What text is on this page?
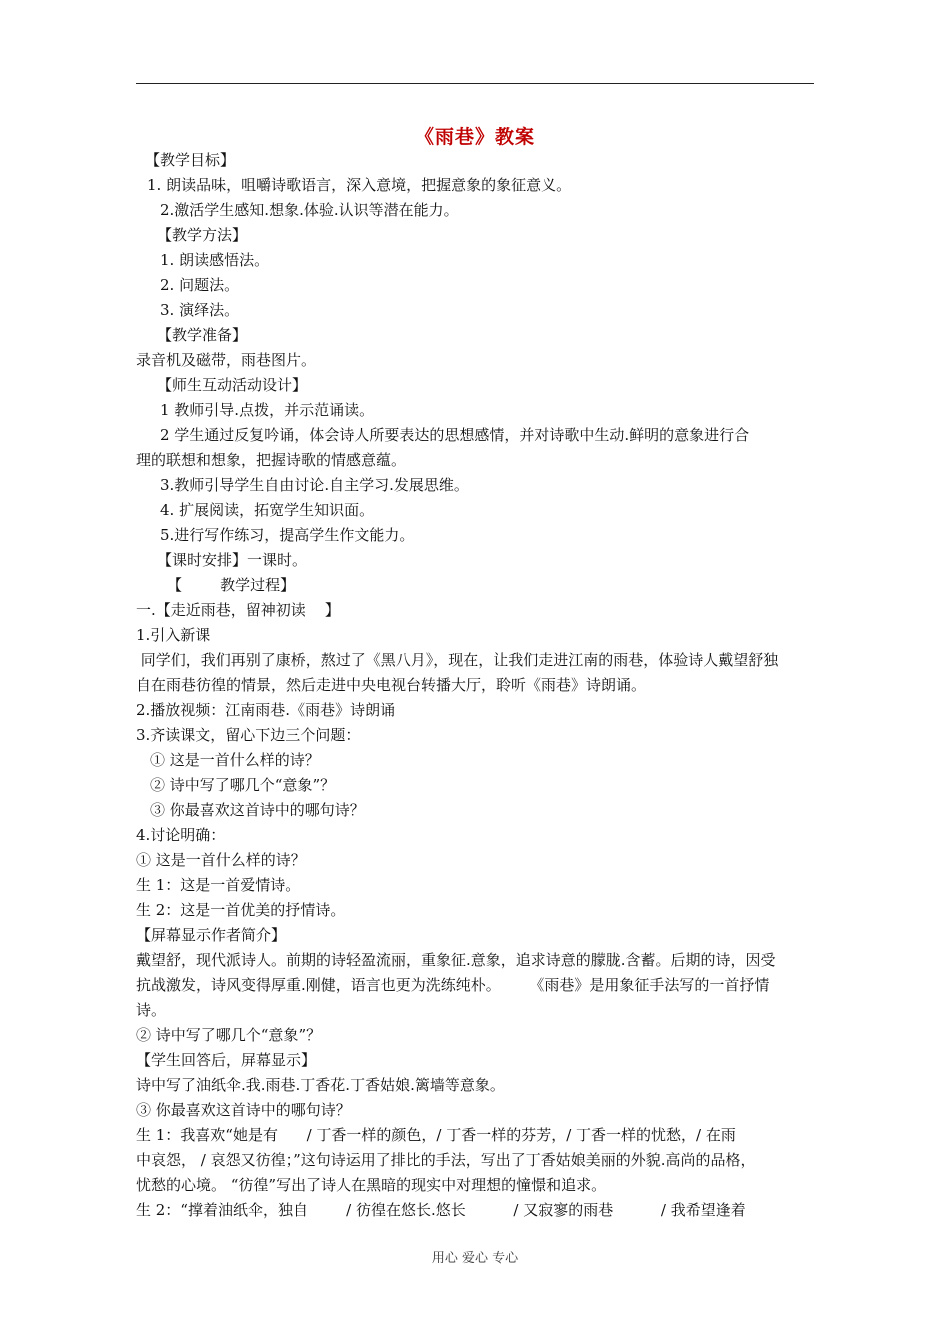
《雨巷》教案
【教学目标】
1. 朗读品味，咀嚼诗歌语言，深入意境，把握意象的象征意义。
2.激活学生感知.想象.体验.认识等潜在能力。
【教学方法】
1. 朗读感悟法。
2. 问题法。
3. 演绎法。
【教学准备】
录音机及磁带，雨巷图片。
【师生互动活动设计】
1 教师引导.点拨，并示范诵读。
2 学生通过反复吟诵，体会诗人所要表达的思想感情，并对诗歌中生动.鲜明的意象进行合
理的联想和想象，把握诗歌的情感意蕴。
3.教师引导学生自由讨论.自主学习.发展思维。
4. 扩展阅读，拓宽学生知识面。
5.进行写作练习，提高学生作文能力。
【课时安排】一课时。
【        教学过程】
一.【走近雨巷，留神初读    】
1.引入新课
同学们，我们再别了康桥，熬过了《黑八月》，现在，让我们走进江南的雨巷，体验诗人戴望舒独
自在雨巷彷徨的情景，然后走进中央电视台转播大厅，聆听《雨巷》诗朗诵。
2.播放视频：江南雨巷.《雨巷》诗朗诵
3.齐读课文，留心下边三个问题：
① 这是一首什么样的诗？
② 诗中写了哪几个“意象”？
③ 你最喜欢这首诗中的哪句诗？
4.讨论明确：
① 这是一首什么样的诗？
生 1：这是一首爱情诗。
生 2：这是一首优美的抒情诗。
【屏幕显示作者简介】
戴望舒，现代派诗人。前期的诗轻盈流丽，重象征.意象，追求诗意的朦胧.含蓄。后期的诗，因受
抗战激发，诗风变得厚重.刚健，语言也更为洗练纯朴。      《雨巷》是用象征手法写的一首抒情
诗。
② 诗中写了哪几个“意象”？
【学生回答后，屏幕显示】
诗中写了油纸伞.我.雨巷.丁香花.丁香姑娘.篱墙等意象。
③ 你最喜欢这首诗中的哪句诗？
生 1：我喜欢“她是有      / 丁香一样的颜色，/ 丁香一样的芬芳，/ 丁香一样的忧愁，/ 在雨
中哀怨， / 哀怨又彷徨；”这句诗运用了排比的手法，写出了丁香姑娘美丽的外貌.高尚的品格，
忧愁的心境。 “彷徨”写出了诗人在黑暗的现实中对理想的憧憬和追求。
生 2：“撑着油纸伞，独自        / 彷徨在悠长.悠长          / 又寂寥的雨巷          / 我希望逢着
用心 爱心 专心
